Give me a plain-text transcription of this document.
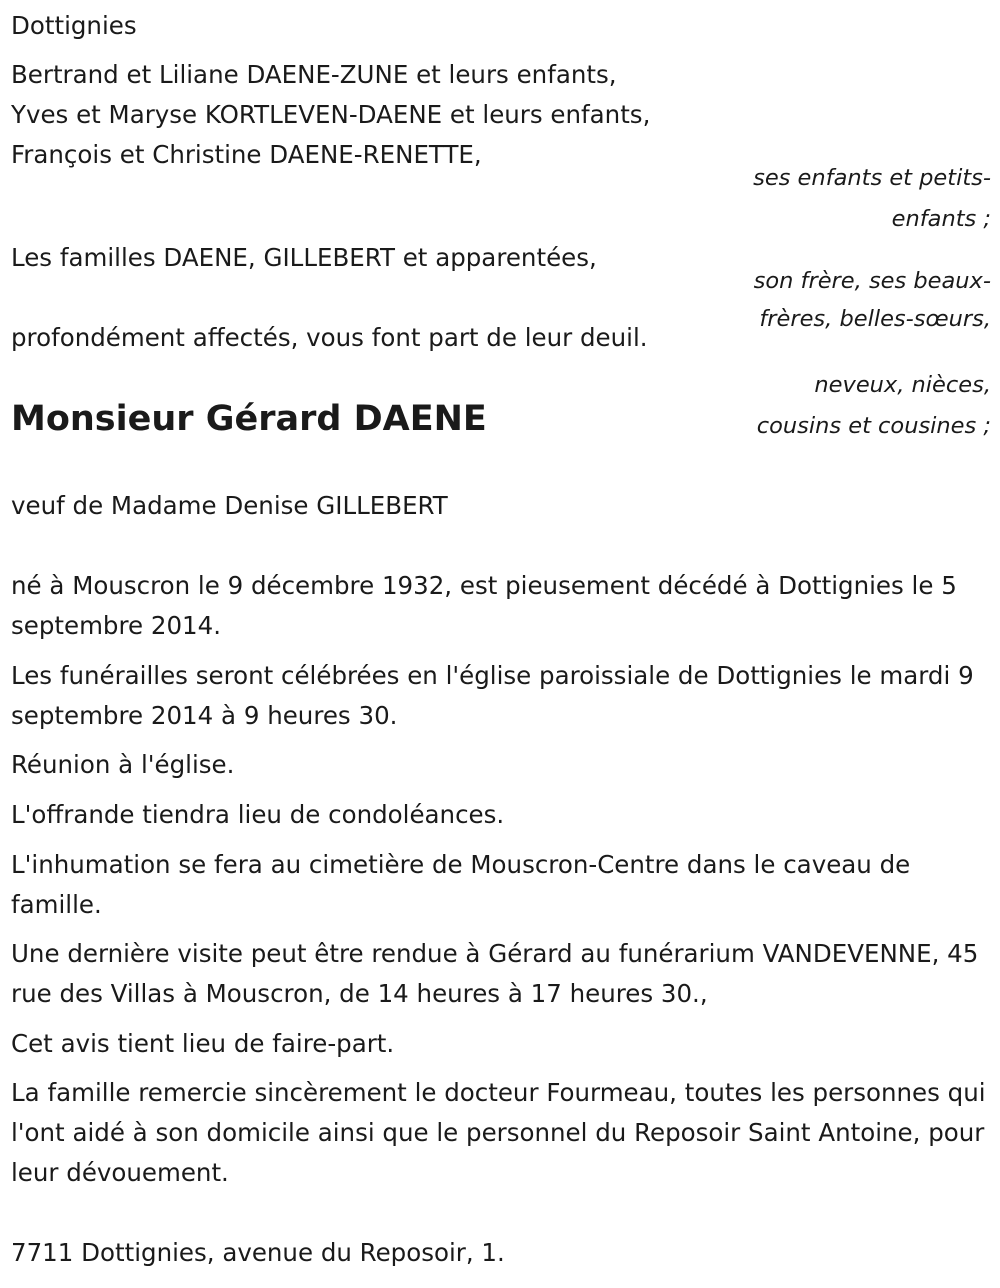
Dottignies
Bertrand et Liliane DAENE-ZUNE et leurs enfants,
Yves et Maryse KORTLEVEN-DAENE et leurs enfants,
François et Christine DAENE-RENETTE,
ses enfants et petits-enfants ;
Les familles DAENE, GILLEBERT et apparentées,
son frère, ses beaux-frères, belles-sœurs,
profondément affectés, vous font part de leur deuil.
neveux, nièces, cousins et cousines ;
Monsieur Gérard DAENE
veuf de Madame Denise GILLEBERT
né à Mouscron le 9 décembre 1932, est pieusement décédé à Dottignies le 5 septembre 2014.
Les funérailles seront célébrées en l'église paroissiale de Dottignies le mardi 9 septembre 2014 à 9 heures 30.
Réunion à l'église.
L'offrande tiendra lieu de condoléances.
L'inhumation se fera au cimetière de Mouscron-Centre dans le caveau de famille.
Une dernière visite peut être rendue à Gérard au funérarium VANDEVENNE, 45 rue des Villas à Mouscron, de 14 heures à 17 heures 30.,
Cet avis tient lieu de faire-part.
La famille remercie sincèrement le docteur Fourmeau, toutes les personnes qui l'ont aidé à son domicile ainsi que le personnel du Reposoir Saint Antoine, pour leur dévouement.
7711 Dottignies, avenue du Reposoir, 1.
